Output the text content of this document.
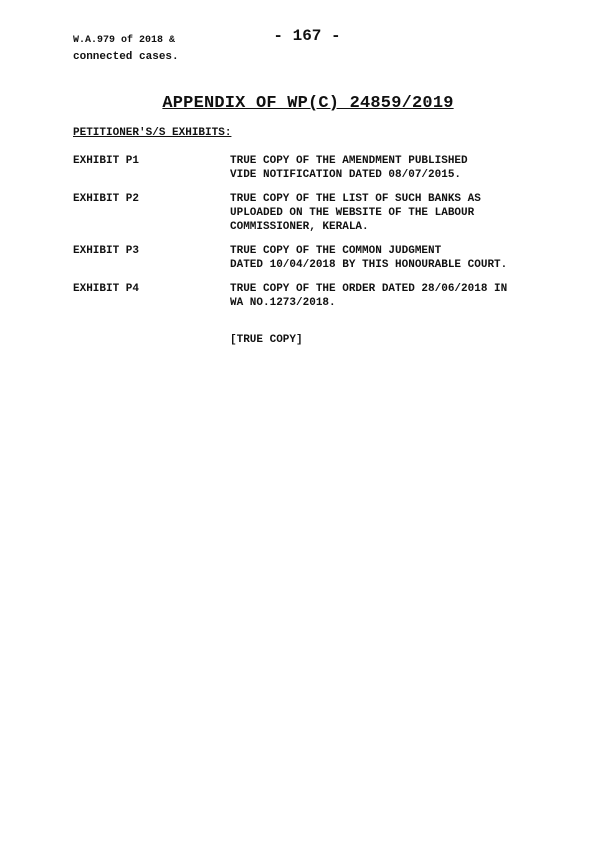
W.A.979 of 2018 &
connected cases.
- 167 -
APPENDIX OF WP(C) 24859/2019
PETITIONER'S/S EXHIBITS:
EXHIBIT P1	TRUE COPY OF THE AMENDMENT PUBLISHED
VIDE NOTIFICATION DATED 08/07/2015.
EXHIBIT P2	TRUE COPY OF THE LIST OF SUCH BANKS AS
UPLOADED ON THE WEBSITE OF THE LABOUR
COMMISSIONER, KERALA.
EXHIBIT P3	TRUE COPY OF THE COMMON JUDGMENT
DATED 10/04/2018 BY THIS HONOURABLE COURT.
EXHIBIT P4	TRUE COPY OF THE ORDER DATED 28/06/2018 IN
WA NO.1273/2018.
[TRUE COPY]
